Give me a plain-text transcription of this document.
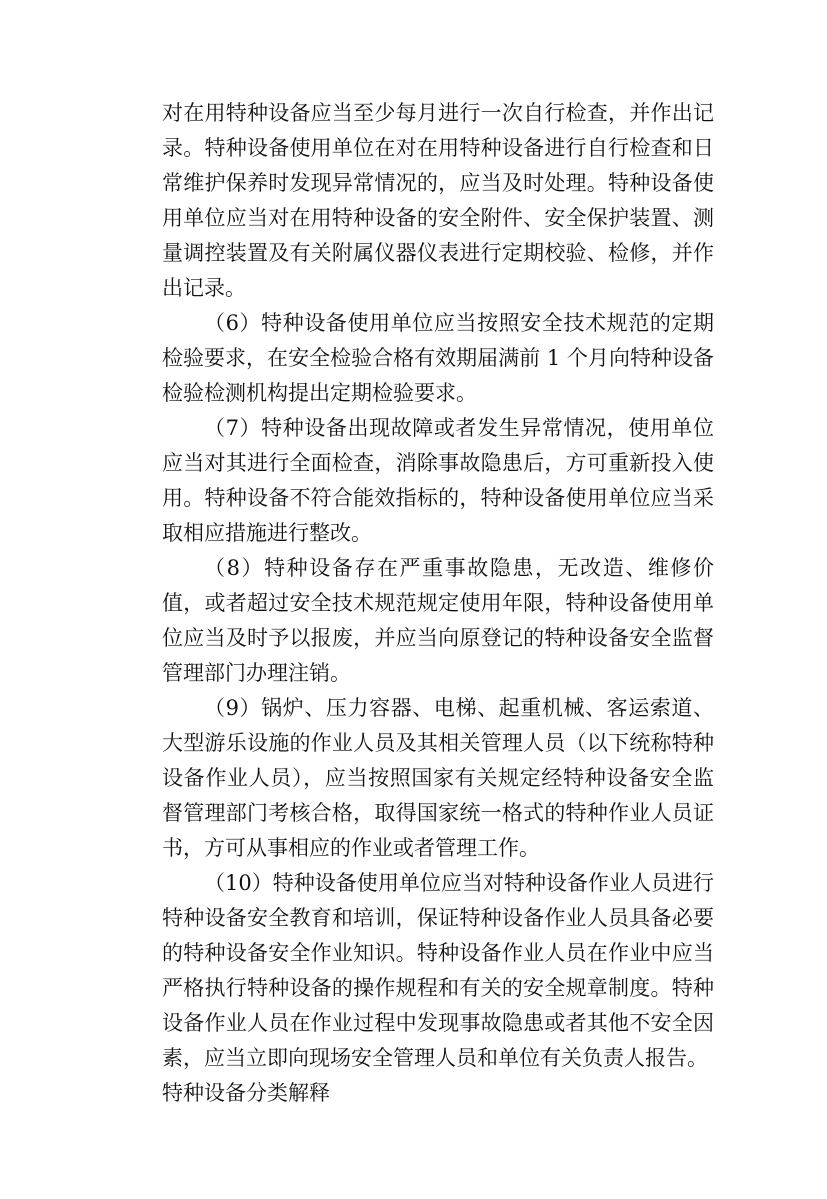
对在用特种设备应当至少每月进行一次自行检查，并作出记录。特种设备使用单位在对在用特种设备进行自行检查和日常维护保养时发现异常情况的，应当及时处理。特种设备使用单位应当对在用特种设备的安全附件、安全保护装置、测量调控装置及有关附属仪器仪表进行定期校验、检修，并作出记录。

（6）特种设备使用单位应当按照安全技术规范的定期检验要求，在安全检验合格有效期届满前 1 个月向特种设备检验检测机构提出定期检验要求。

（7）特种设备出现故障或者发生异常情况，使用单位应当对其进行全面检查，消除事故隐患后，方可重新投入使用。特种设备不符合能效指标的，特种设备使用单位应当采取相应措施进行整改。

（8）特种设备存在严重事故隐患，无改造、维修价值，或者超过安全技术规范规定使用年限，特种设备使用单位应当及时予以报废，并应当向原登记的特种设备安全监督管理部门办理注销。

（9）锅炉、压力容器、电梯、起重机械、客运索道、大型游乐设施的作业人员及其相关管理人员（以下统称特种设备作业人员），应当按照国家有关规定经特种设备安全监督管理部门考核合格，取得国家统一格式的特种作业人员证书，方可从事相应的作业或者管理工作。

（10）特种设备使用单位应当对特种设备作业人员进行特种设备安全教育和培训，保证特种设备作业人员具备必要的特种设备安全作业知识。特种设备作业人员在作业中应当严格执行特种设备的操作规程和有关的安全规章制度。特种设备作业人员在作业过程中发现事故隐患或者其他不安全因素，应当立即向现场安全管理人员和单位有关负责人报告。

特种设备分类解释
